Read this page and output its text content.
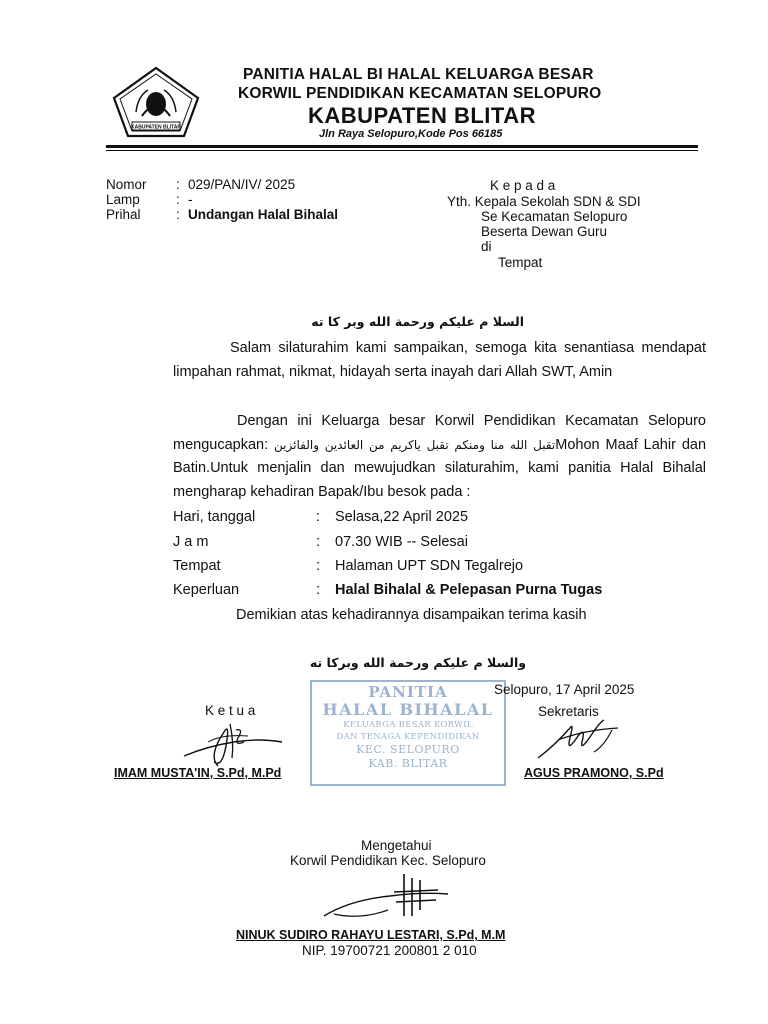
KABUPATEN BLITAR
PANITIA HALAL BI HALAL KELUARGA BESAR
KORWIL PENDIDIKAN KECAMATAN SELOPURO
KABUPATEN BLITAR
Jln Raya Selopuro,Kode Pos 66185
Nomor : 029/PAN/IV/ 2025
Lamp	: -
Prihal	: Undangan Halal Bihalal
K e p a d a
Yth. Kepala Sekolah SDN & SDI
Se Kecamatan Selopuro
Beserta Dewan Guru
di
Tempat
السلا م عليكم ورحمة الله وبر كا ته
Salam silaturahim kami sampaikan, semoga kita senantiasa mendapat limpahan rahmat, nikmat, hidayah serta inayah dari Allah SWT, Amin
Dengan ini Keluarga besar Korwil Pendidikan Kecamatan Selopuro mengucapkan: تقبل الله منا ومنكم تقبل ياكريم من العائدين والفائزينMohon Maaf Lahir dan Batin.Untuk menjalin dan mewujudkan silaturahim, kami panitia Halal Bihalal mengharap kehadiran Bapak/Ibu besok pada :
Hari, tanggal	: Selasa,22 April 2025
J a m	: 07.30 WIB -- Selesai
Tempat	: Halaman UPT SDN Tegalrejo
Keperluan	: Halal Bihalal & Pelepasan Purna Tugas
Demikian atas kehadirannya disampaikan terima kasih
والسلا م عليكم ورحمة الله وبركا ته
PANITIA
HALAL BIHALAL
KELUARGA BESAR KORWIL
DAN TENAGA KEPENDIDIKAN
KEC. SELOPURO
KAB. BLITAR
Selopuro, 17 April 2025
K e t u a	Sekretaris
IMAM MUSTA'IN, S.Pd, M.Pd	AGUS PRAMONO, S.Pd
Mengetahui
Korwil Pendidikan Kec. Selopuro
NINUK SUDIRO RAHAYU LESTARI, S.Pd, M.M
NIP. 19700721 200801 2 010
